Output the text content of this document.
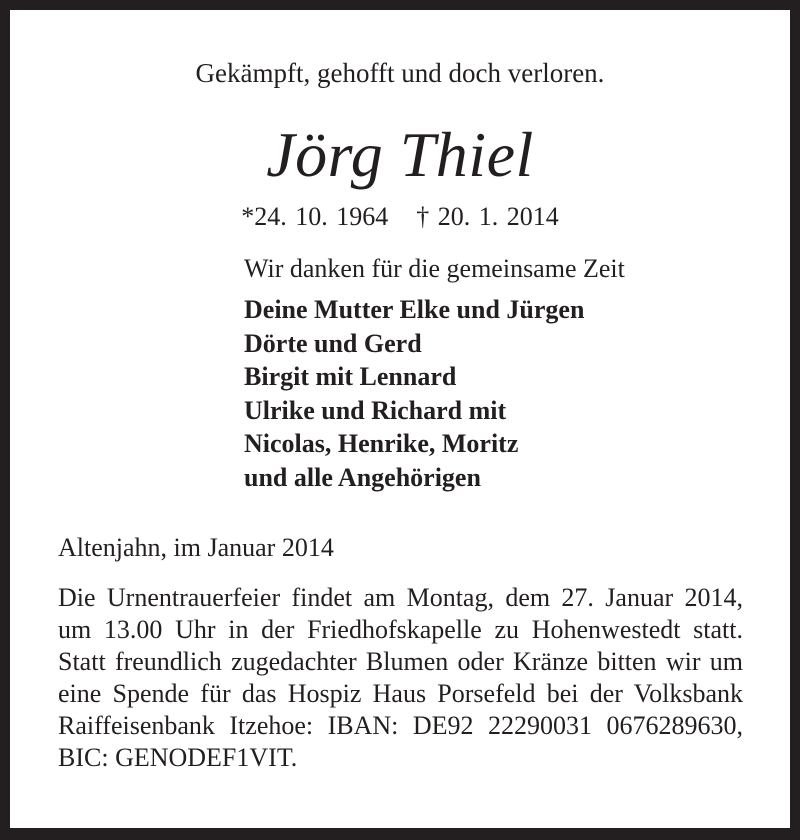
Gekämpft, gehofft und doch verloren.
Jörg Thiel
*24. 10. 1964 † 20. 1. 2014
Wir danken für die gemeinsame Zeit
Deine Mutter Elke und Jürgen
Dörte und Gerd
Birgit mit Lennard
Ulrike und Richard mit
Nicolas, Henrike, Moritz
und alle Angehörigen
Altenjahn, im Januar 2014
Die Urnentrauerfeier findet am Montag, dem 27. Januar 2014, um 13.00 Uhr in der Friedhofskapelle zu Hohenwestedt statt. Statt freundlich zugedachter Blumen oder Kränze bitten wir um eine Spende für das Hospiz Haus Porsefeld bei der Volksbank Raiffeisenbank Itzehoe: IBAN: DE92 22290031 0676289630, BIC: GENODEF1VIT.
